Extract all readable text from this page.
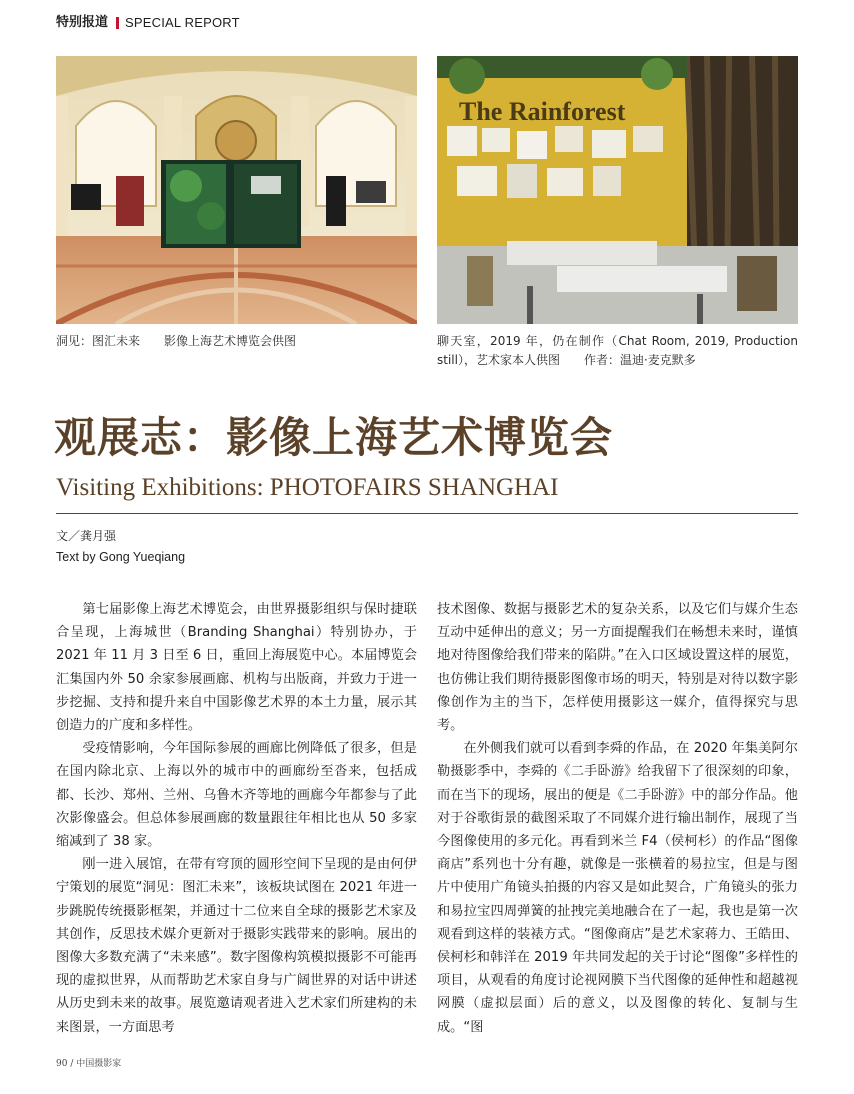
特别报道 SPECIAL REPORT
The Rainforest
洞见：图汇未来 影像上海艺术博览会供图	聊天室，2019 年，仍在制作（Chat Room, 2019, Production still），艺术家本人供图 作者：温迪·麦克默多
观展志：影像上海艺术博览会
Visiting Exhibitions: PHOTOFAIRS SHANGHAI
文／龚月强
Text by Gong Yueqiang

第七届影像上海艺术博览会，由世界摄影组织与保时捷联合呈现，上海城世（Branding Shanghai）特别协办，于 2021 年 11 月 3 日至 6 日，重回上海展览中心。本届博览会汇集国内外 50 余家参展画廊、机构与出版商，并致力于进一步挖掘、支持和提升来自中国影像艺术界的本土力量，展示其创造力的广度和多样性。

受疫情影响，今年国际参展的画廊比例降低了很多，但是在国内除北京、上海以外的城市中的画廊纷至沓来，包括成都、长沙、郑州、兰州、乌鲁木齐等地的画廊今年都参与了此次影像盛会。但总体参展画廊的数量跟往年相比也从 50 多家缩减到了 38 家。

刚一进入展馆，在带有穹顶的圆形空间下呈现的是由何伊宁策划的展览“洞见：图汇未来”，该板块试图在 2021 年进一步跳脱传统摄影框架，并通过十二位来自全球的摄影艺术家及其创作，反思技术媒介更新对于摄影实践带来的影响。展出的图像大多数充满了“未来感”。数字图像构筑模拟摄影不可能再现的虚拟世界，从而帮助艺术家自身与广阔世界的对话中讲述从历史到未来的故事。展览邀请观者进入艺术家们所建构的未来图景，一方面思考

技术图像、数据与摄影艺术的复杂关系，以及它们与媒介生态互动中延伸出的意义；另一方面提醒我们在畅想未来时，谨慎地对待图像给我们带来的陷阱。”在入口区域设置这样的展览，也仿佛让我们期待摄影图像市场的明天，特别是对待以数字影像创作为主的当下，怎样使用摄影这一媒介，值得探究与思考。

在外侧我们就可以看到李舜的作品，在 2020 年集美阿尔勒摄影季中，李舜的《二手卧游》给我留下了很深刻的印象，而在当下的现场，展出的便是《二手卧游》中的部分作品。他对于谷歌街景的截图采取了不同媒介进行输出制作，展现了当今图像使用的多元化。再看到米兰 F4（侯柯杉）的作品“图像商店”系列也十分有趣，就像是一张横着的易拉宝，但是与图片中使用广角镜头拍摄的内容又是如此契合，广角镜头的张力和易拉宝四周弹簧的扯拽完美地融合在了一起，我也是第一次观看到这样的装裱方式。“图像商店”是艺术家蒋力、王皓田、侯柯杉和韩洋在 2019 年共同发起的关于讨论“图像”多样性的项目，从观看的角度讨论视网膜下当代图像的延伸性和超越视网膜（虚拟层面）后的意义，以及图像的转化、复制与生成。“图

90 / 中国摄影家
